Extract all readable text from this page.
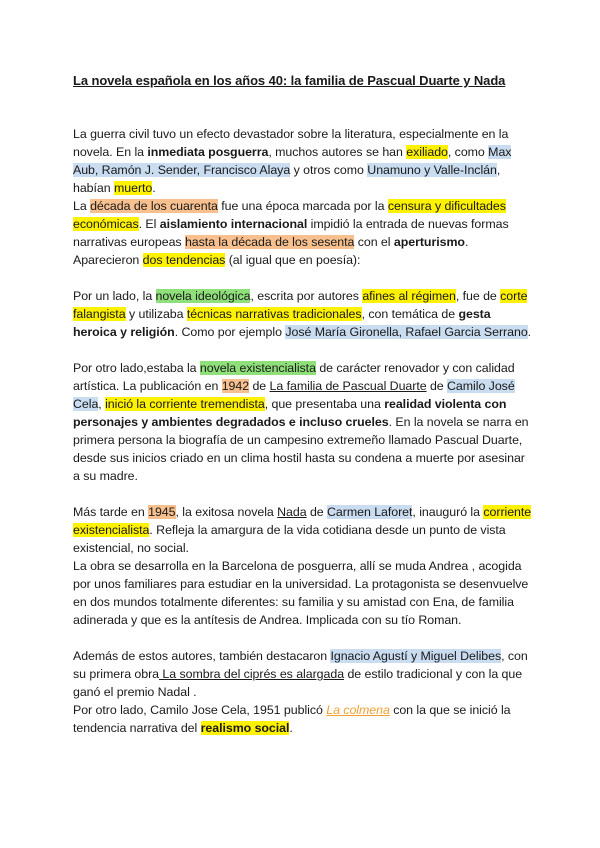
La novela española en los años 40: la familia de Pascual Duarte y Nada

La guerra civil tuvo un efecto devastador sobre la literatura, especialmente en la novela. En la inmediata posguerra, muchos autores se han exiliado, como Max Aub, Ramón J. Sender, Francisco Alaya y otros como Unamuno y Valle-Inclán, habían muerto.

La década de los cuarenta fue una época marcada por la censura y dificultades económicas. El aislamiento internacional impidió la entrada de nuevas formas narrativas europeas hasta la década de los sesenta con el aperturismo.

Aparecieron dos tendencias (al igual que en poesía):

Por un lado, la novela ideológica, escrita por autores afines al régimen, fue de corte falangista y utilizaba técnicas narrativas tradicionales, con temática de gesta heroica y religión. Como por ejemplo José María Gironella, Rafael Garcia Serrano.

Por otro lado,estaba la novela existencialista de carácter renovador y con calidad artística. La publicación en 1942 de La familia de Pascual Duarte de Camilo José Cela, inició la corriente tremendista, que presentaba una realidad violenta con personajes y ambientes degradados e incluso crueles. En la novela se narra en primera persona la biografía de un campesino extremeño llamado Pascual Duarte, desde sus inicios criado en un clima hostil hasta su condena a muerte por asesinar a su madre.

Más tarde en 1945, la exitosa novela Nada de Carmen Laforet, inauguró la corriente existencialista. Refleja la amargura de la vida cotidiana desde un punto de vista existencial, no social.

La obra se desarrolla en la Barcelona de posguerra, allí se muda Andrea , acogida por unos familiares para estudiar en la universidad. La protagonista se desenvuelve en dos mundos totalmente diferentes: su familia y su amistad con Ena, de familia adinerada y que es la antítesis de Andrea. Implicada con su tío Roman.

Además de estos autores, también destacaron Ignacio Agustí y Miguel Delibes, con su primera obra La sombra del ciprés es alargada de estilo tradicional y con la que ganó el premio Nadal .

Por otro lado, Camilo Jose Cela, 1951 publicó La colmena con la que se inició la tendencia narrativa del realismo social.
